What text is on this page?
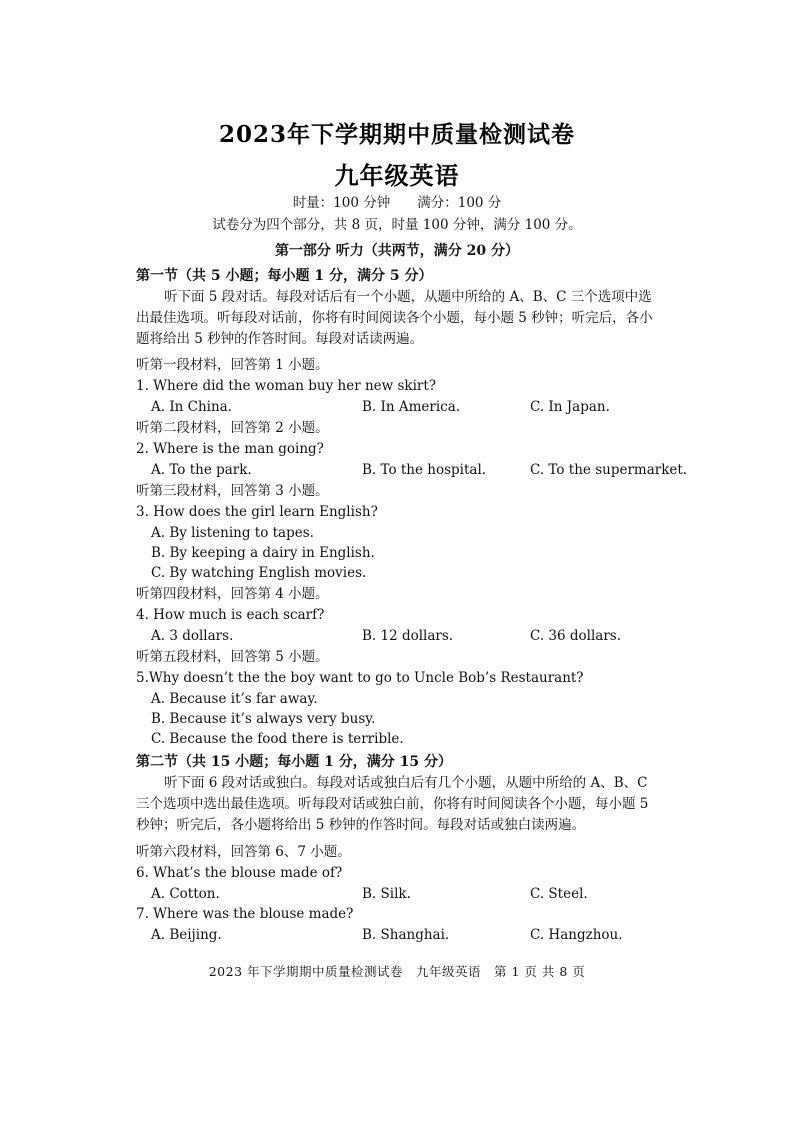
2023年下学期期中质量检测试卷
九年级英语
时量：100 分钟　　满分：100 分
试卷分为四个部分，共 8 页，时量 100 分钟，满分 100 分。
第一部分 听力（共两节，满分 20 分）
第一节（共 5 小题；每小题 1 分，满分 5 分）
听下面 5 段对话。每段对话后有一个小题，从题中所给的 A、B、C 三个选项中选
出最佳选项。听每段对话前，你将有时间阅读各个小题，每小题 5 秒钟；听完后，各小
题将给出 5 秒钟的作答时间。每段对话读两遍。
听第一段材料，回答第 1 小题。
1. Where did the woman buy her new skirt?
A. In China.	B. In America.	C. In Japan.
听第二段材料，回答第 2 小题。
2. Where is the man going?
A. To the park.	B. To the hospital.	C. To the supermarket.
听第三段材料，回答第 3 小题。
3. How does the girl learn English?
A. By listening to tapes.
B. By keeping a dairy in English.
C. By watching English movies.
听第四段材料，回答第 4 小题。
4. How much is each scarf?
A. 3 dollars.	B. 12 dollars.	C. 36 dollars.
听第五段材料，回答第 5 小题。
5.Why doesn’t the the boy want to go to Uncle Bob’s Restaurant?
A. Because it’s far away.
B. Because it’s always very busy.
C. Because the food there is terrible.
第二节（共 15 小题；每小题 1 分，满分 15 分）
听下面 6 段对话或独白。每段对话或独白后有几个小题，从题中所给的 A、B、C
三个选项中选出最佳选项。听每段对话或独白前，你将有时间阅读各个小题，每小题 5
秒钟；听完后，各小题将给出 5 秒钟的作答时间。每段对话或独白读两遍。
听第六段材料，回答第 6、7 小题。
6. What’s the blouse made of?
A. Cotton.	B. Silk.	C. Steel.
7. Where was the blouse made?
A. Beijing.	B. Shanghai.	C. Hangzhou.
2023 年下学期期中质量检测试卷　九年级英语　第 1 页 共 8 页
